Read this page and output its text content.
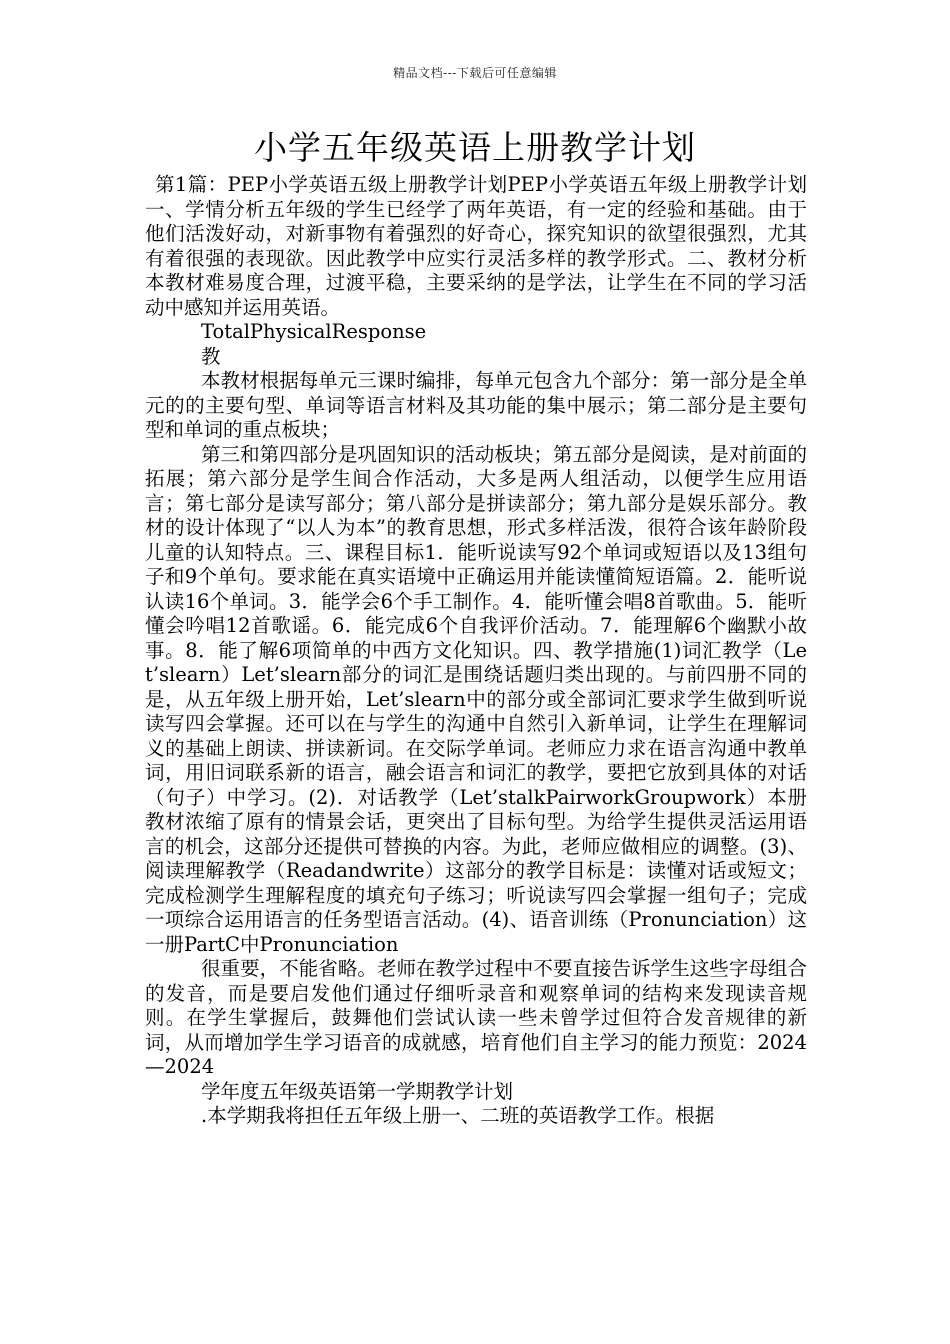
精品文档---下载后可任意编辑
小学五年级英语上册教学计划

第1篇：PEP小学英语五级上册教学计划PEP小学英语五年级上册教学计划一、学情分析五年级的学生已经学了两年英语，有一定的经验和基础。由于他们活泼好动，对新事物有着强烈的好奇心，探究知识的欲望很强烈，尤其有着很强的表现欲。因此教学中应实行灵活多样的教学形式。二、教材分析本教材难易度合理，过渡平稳，主要采纳的是学法，让学生在不同的学习活动中感知并运用英语。

TotalPhysicalResponse

教

本教材根据每单元三课时编排，每单元包含九个部分：第一部分是全单元的的主要句型、单词等语言材料及其功能的集中展示；第二部分是主要句型和单词的重点板块；

第三和第四部分是巩固知识的活动板块；第五部分是阅读，是对前面的拓展；第六部分是学生间合作活动，大多是两人组活动，以便学生应用语言；第七部分是读写部分；第八部分是拼读部分；第九部分是娱乐部分。教材的设计体现了“以人为本”的教育思想，形式多样活泼，很符合该年龄阶段儿童的认知特点。三、课程目标1．能听说读写92个单词或短语以及13组句子和9个单句。要求能在真实语境中正确运用并能读懂简短语篇。2．能听说认读16个单词。3．能学会6个手工制作。4．能听懂会唱8首歌曲。5．能听懂会吟唱12首歌谣。6．能完成6个自我评价活动。7．能理解6个幽默小故事。8．能了解6项简单的中西方文化知识。四、教学措施(1)词汇教学（Let’slearn）Let’slearn部分的词汇是围绕话题归类出现的。与前四册不同的是，从五年级上册开始，Let’slearn中的部分或全部词汇要求学生做到听说读写四会掌握。还可以在与学生的沟通中自然引入新单词，让学生在理解词义的基础上朗读、拼读新词。在交际学单词。老师应力求在语言沟通中教单词，用旧词联系新的语言，融会语言和词汇的教学，要把它放到具体的对话（句子）中学习。(2)．对话教学（Let’stalkPairworkGroupwork）本册教材浓缩了原有的情景会话，更突出了目标句型。为给学生提供灵活运用语言的机会，这部分还提供可替换的内容。为此，老师应做相应的调整。(3)、阅读理解教学（Readandwrite）这部分的教学目标是：读懂对话或短文；完成检测学生理解程度的填充句子练习；听说读写四会掌握一组句子；完成一项综合运用语言的任务型语言活动。(4)、语音训练（Pronunciation）这一册PartC中Pronunciation

很重要，不能省略。老师在教学过程中不要直接告诉学生这些字母组合的发音，而是要启发他们通过仔细听录音和观察单词的结构来发现读音规则。在学生掌握后，鼓舞他们尝试认读一些未曾学过但符合发音规律的新词，从而增加学生学习语音的成就感，培育他们自主学习的能力预览：2024—2024

学年度五年级英语第一学期教学计划

.本学期我将担任五年级上册一、二班的英语教学工作。根据
